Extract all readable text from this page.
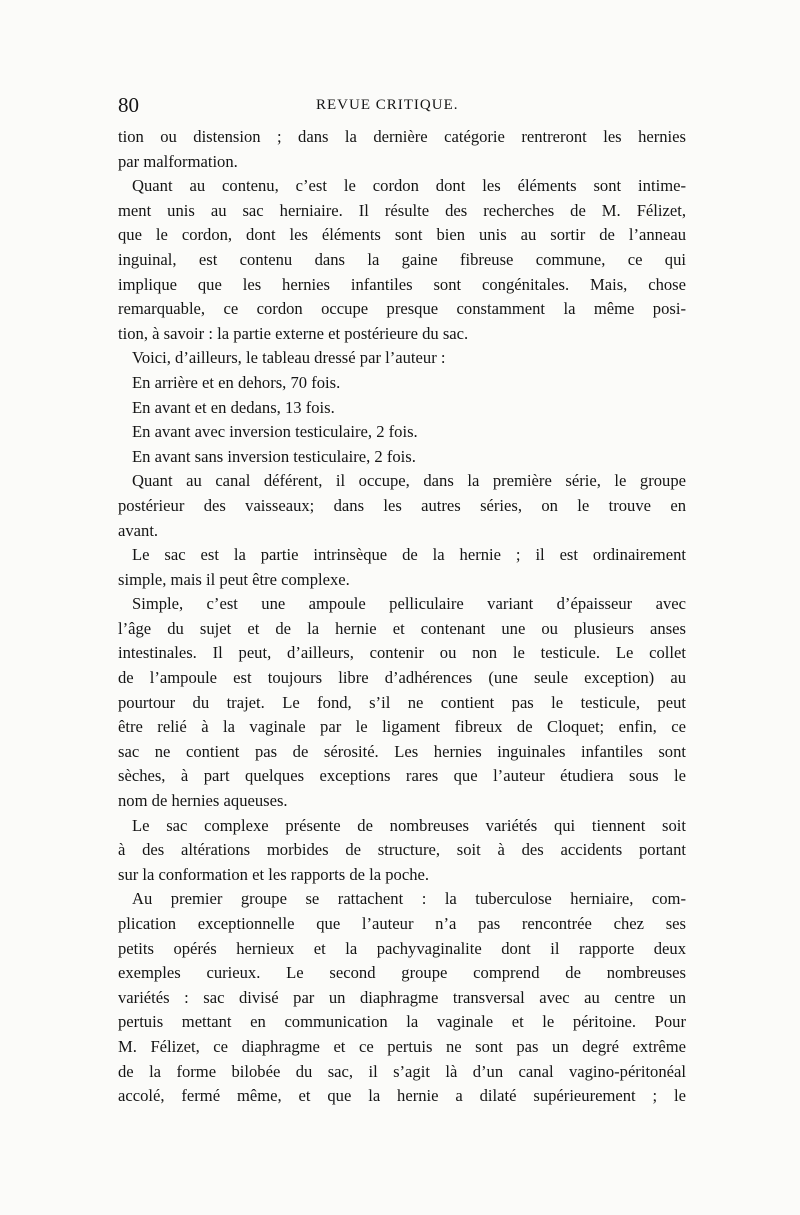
80	REVUE CRITIQUE.
tion ou distension ; dans la dernière catégorie rentreront les hernies
par malformation.
Quant au contenu, c’est le cordon dont les éléments sont intime-
ment unis au sac herniaire. Il résulte des recherches de M. Félizet,
que le cordon, dont les éléments sont bien unis au sortir de l’anneau
inguinal, est contenu dans la gaine fibreuse commune, ce qui
implique que les hernies infantiles sont congénitales. Mais, chose
remarquable, ce cordon occupe presque constamment la même posi-
tion, à savoir : la partie externe et postérieure du sac.
Voici, d’ailleurs, le tableau dressé par l’auteur :
En arrière et en dehors, 70 fois.
En avant et en dedans, 13 fois.
En avant avec inversion testiculaire, 2 fois.
En avant sans inversion testiculaire, 2 fois.
Quant au canal déférent, il occupe, dans la première série, le groupe
postérieur des vaisseaux; dans les autres séries, on le trouve en
avant.
Le sac est la partie intrinsèque de la hernie ; il est ordinairement
simple, mais il peut être complexe.
Simple, c’est une ampoule pelliculaire variant d’épaisseur avec
l’âge du sujet et de la hernie et contenant une ou plusieurs anses
intestinales. Il peut, d’ailleurs, contenir ou non le testicule. Le collet
de l’ampoule est toujours libre d’adhérences (une seule exception) au
pourtour du trajet. Le fond, s’il ne contient pas le testicule, peut
être relié à la vaginale par le ligament fibreux de Cloquet; enfin, ce
sac ne contient pas de sérosité. Les hernies inguinales infantiles sont
sèches, à part quelques exceptions rares que l’auteur étudiera sous le
nom de hernies aqueuses.
Le sac complexe présente de nombreuses variétés qui tiennent soit
à des altérations morbides de structure, soit à des accidents portant
sur la conformation et les rapports de la poche.
Au premier groupe se rattachent : la tuberculose herniaire, com-
plication exceptionnelle que l’auteur n’a pas rencontrée chez ses
petits opérés hernieux et la pachyvaginalite dont il rapporte deux
exemples curieux. Le second groupe comprend de nombreuses
variétés : sac divisé par un diaphragme transversal avec au centre un
pertuis mettant en communication la vaginale et le péritoine. Pour
M. Félizet, ce diaphragme et ce pertuis ne sont pas un degré extrême
de la forme bilobée du sac, il s’agit là d’un canal vagino-péritonéal
accolé, fermé même, et que la hernie a dilaté supérieurement ; le
